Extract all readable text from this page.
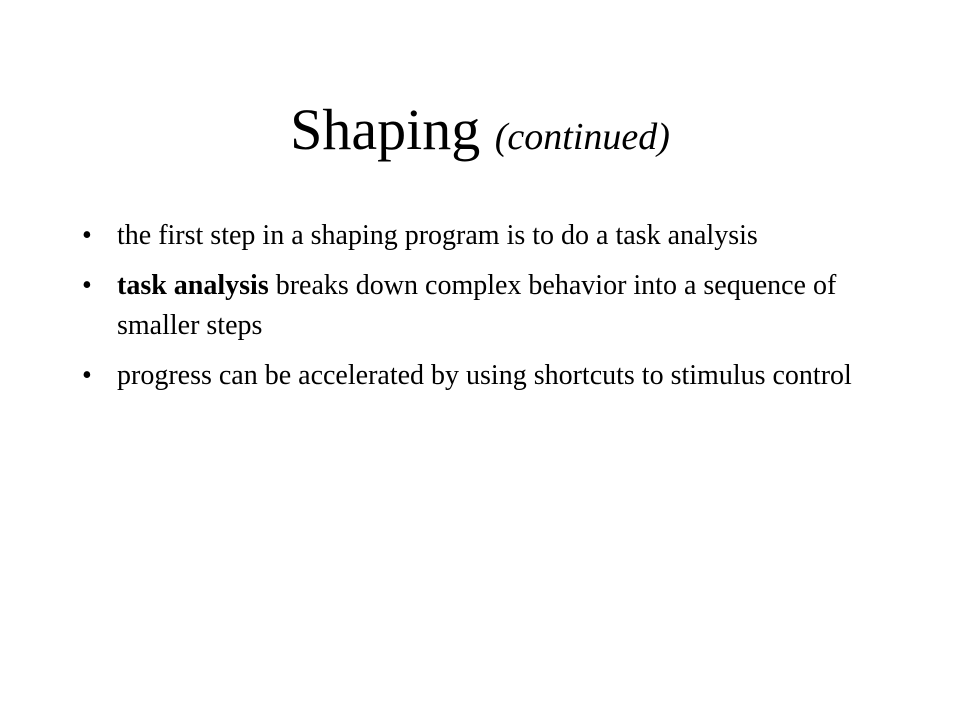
Shaping (continued)
• the first step in a shaping program is to do a task analysis
• task analysis breaks down complex behavior into a sequence of smaller steps
• progress can be accelerated by using shortcuts to stimulus control
